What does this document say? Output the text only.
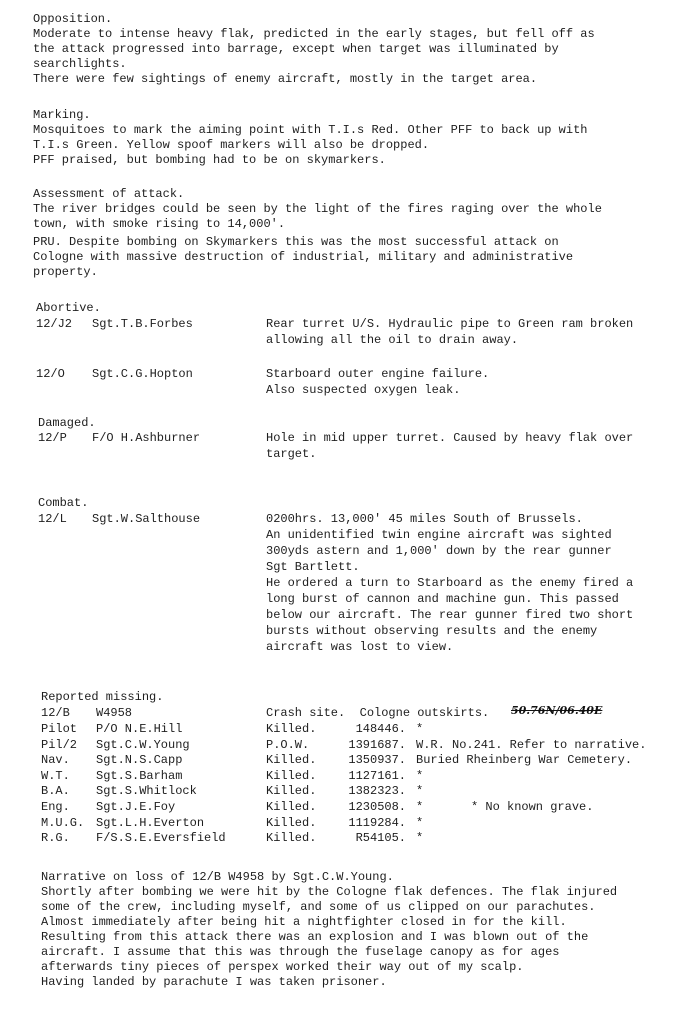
Opposition.
Moderate to intense heavy flak, predicted in the early stages, but fell off as
the attack progressed into barrage, except when target was illuminated by
searchlights.
There were few sightings of enemy aircraft, mostly in the target area.
Marking.
Mosquitoes to mark the aiming point with T.I.s Red. Other PFF to back up with
T.I.s Green. Yellow spoof markers will also be dropped.
PFF praised, but bombing had to be on skymarkers.
Assessment of attack.
The river bridges could be seen by the light of the fires raging over the whole
town, with smoke rising to 14,000'.
PRU. Despite bombing on Skymarkers this was the most successful attack on
Cologne with massive destruction of industrial, military and administrative
property.
Abortive.
12/J2 Sgt.T.B.Forbes	Rear turret U/S. Hydraulic pipe to Green ram broken
allowing all the oil to drain away.
12/O Sgt.C.G.Hopton	Starboard outer engine failure.
Also suspected oxygen leak.
Damaged.
12/P F/O H.Ashburner	Hole in mid upper turret. Caused by heavy flak over
target.
Combat.
12/L Sgt.W.Salthouse	0200hrs. 13,000' 45 miles South of Brussels.
An unidentified twin engine aircraft was sighted
300yds astern and 1,000' down by the rear gunner
Sgt Bartlett.
He ordered a turn to Starboard as the enemy fired a
long burst of cannon and machine gun. This passed
below our aircraft. The rear gunner fired two short
bursts without observing results and the enemy
aircraft was lost to view.
Reported missing.
12/B W4958	Crash site.  Cologne outskirts. 50.76N/06.40E
Pilot P/O N.E.Hill	Killed.	148446. *
Pil/2 Sgt.C.W.Young	P.O.W.	1391687. W.R. No.241. Refer to narrative.
Nav. Sgt.N.S.Capp	Killed.	1350937. Buried Rheinberg War Cemetery.
W.T. Sgt.S.Barham	Killed.	1127161. *
B.A. Sgt.S.Whitlock	Killed.	1382323. *
Eng. Sgt.J.E.Foy	Killed.	1230508. *	* No known grave.
M.U.G. Sgt.L.H.Everton	Killed.	1119284. *
R.G. F/S.S.E.Eversfield	Killed.	R54105. *
Narrative on loss of 12/B W4958 by Sgt.C.W.Young.
Shortly after bombing we were hit by the Cologne flak defences. The flak injured
some of the crew, including myself, and some of us clipped on our parachutes.
Almost immediately after being hit a nightfighter closed in for the kill.
Resulting from this attack there was an explosion and I was blown out of the
aircraft. I assume that this was through the fuselage canopy as for ages
afterwards tiny pieces of perspex worked their way out of my scalp.
Having landed by parachute I was taken prisoner.
